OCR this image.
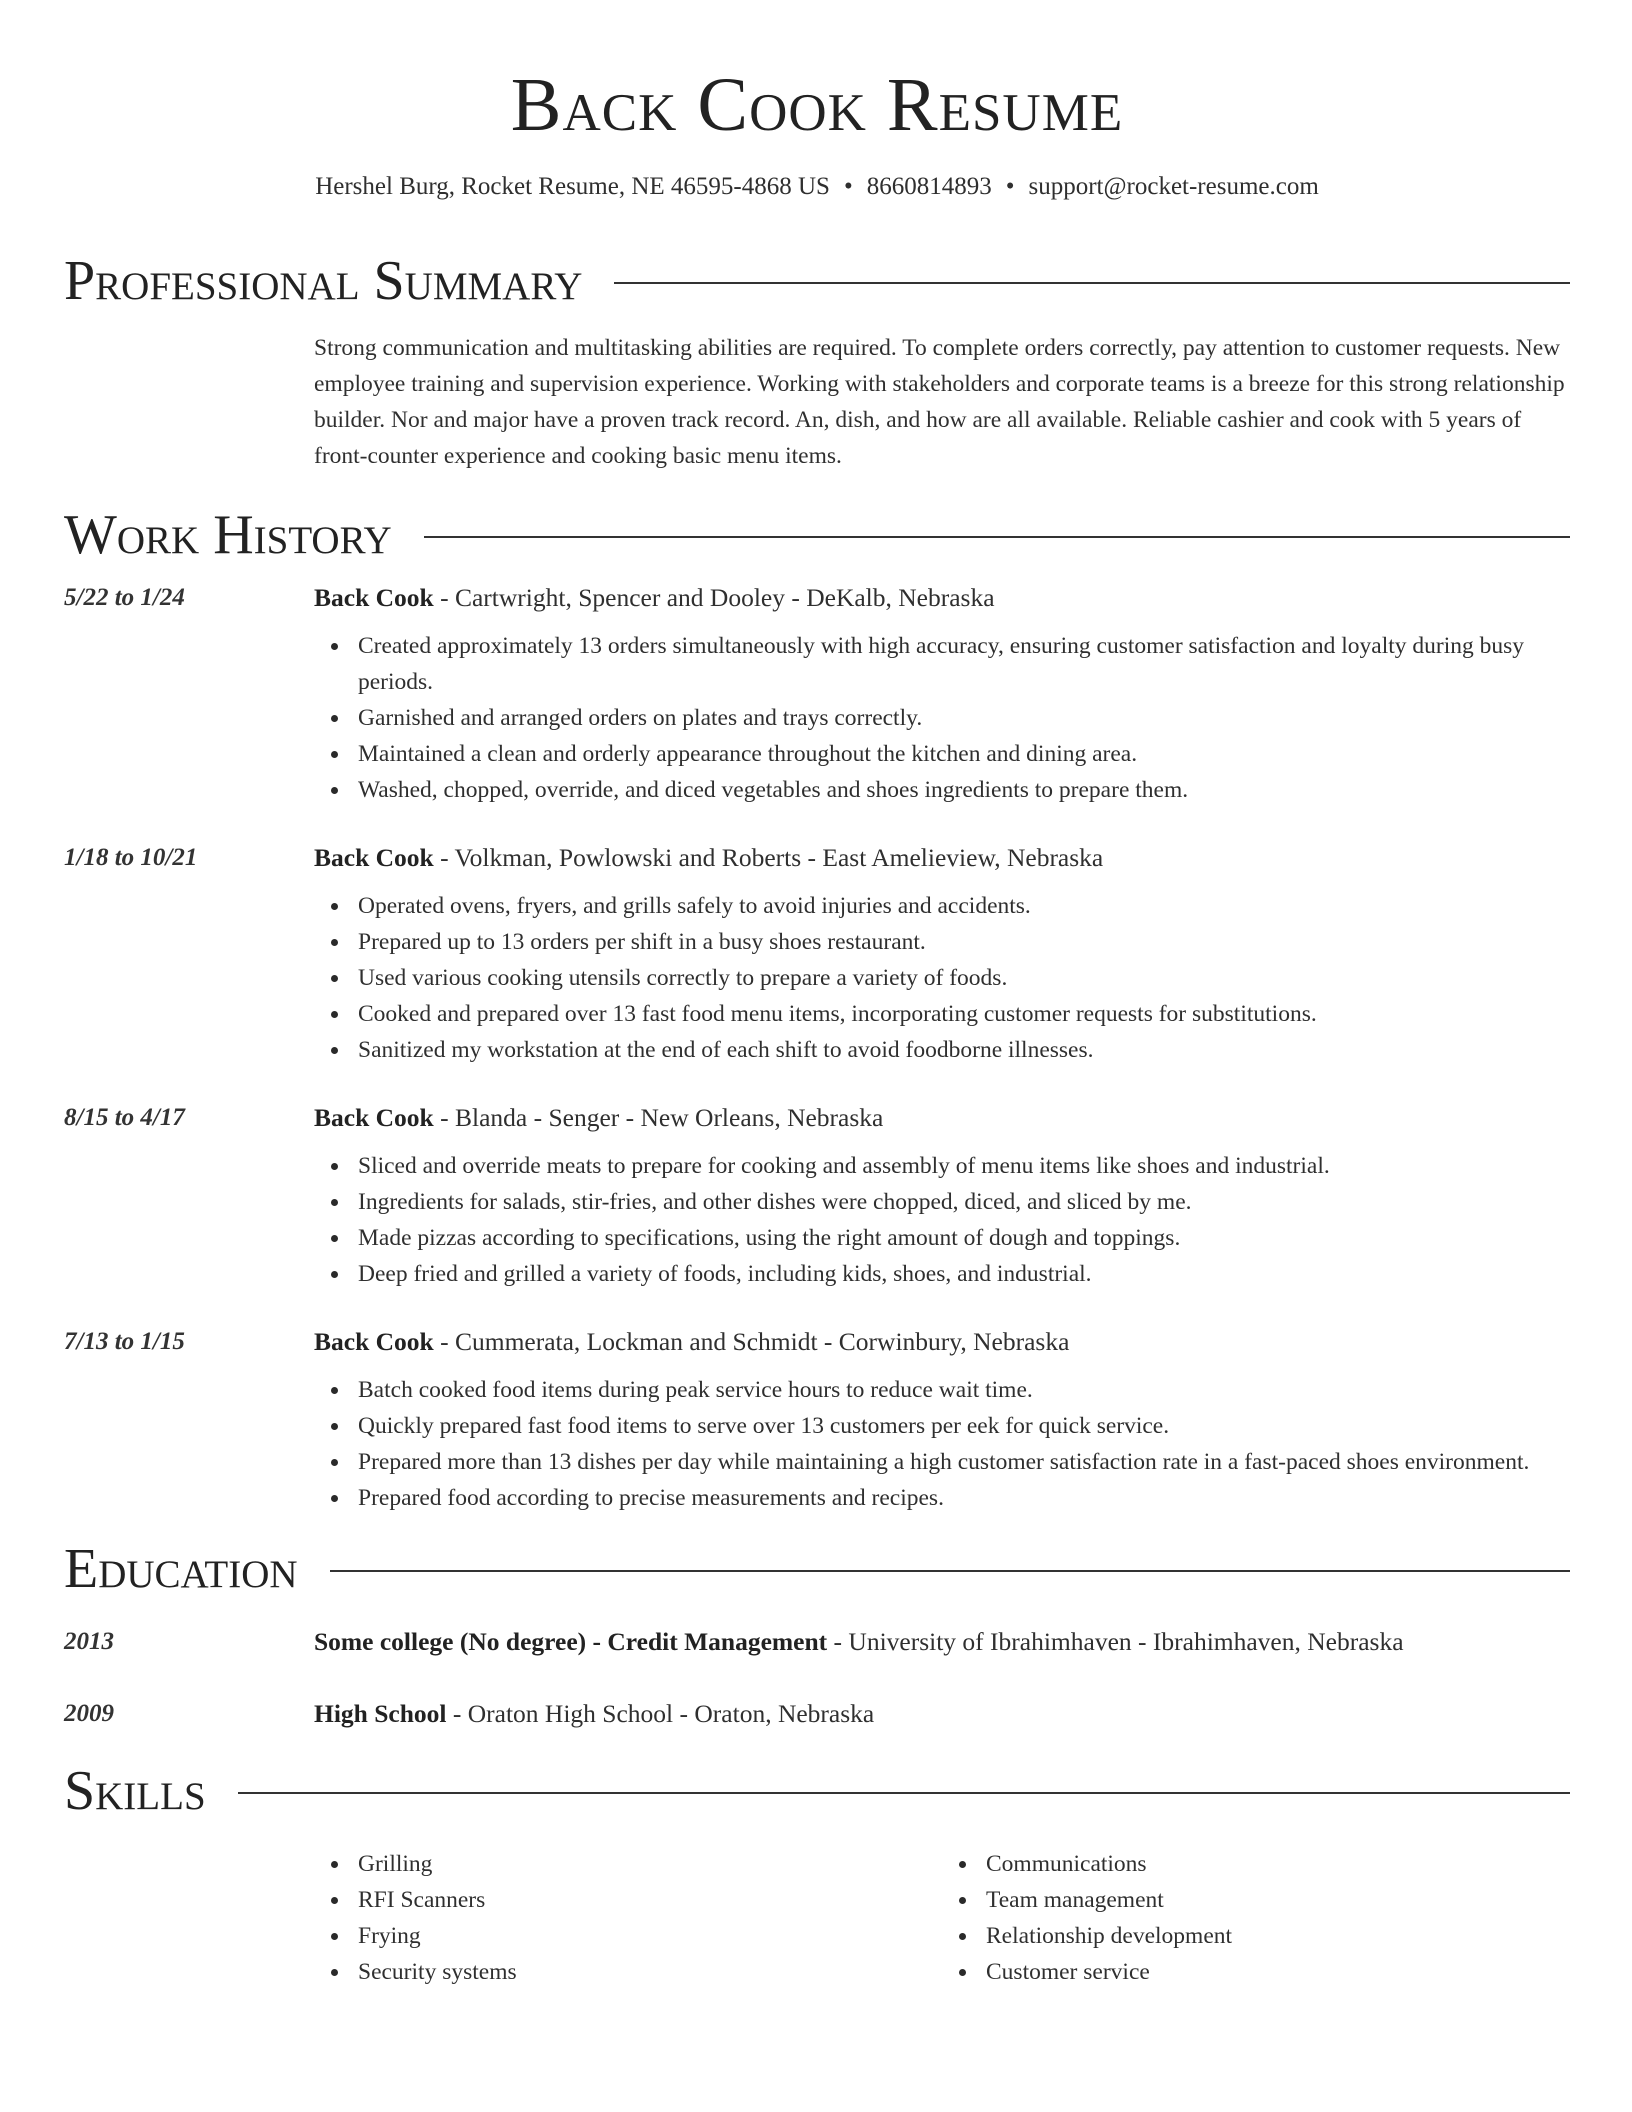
Back Cook Resume
Hershel Burg, Rocket Resume, NE 46595-4868 US • 8660814893 • support@rocket-resume.com
Professional Summary

Strong communication and multitasking abilities are required. To complete orders correctly, pay attention to customer requests. New employee training and supervision experience. Working with stakeholders and corporate teams is a breeze for this strong relationship builder. Nor and major have a proven track record. An, dish, and how are all available. Reliable cashier and cook with 5 years of front-counter experience and cooking basic menu items.

Work History
5/22 to 1/24	Back Cook - Cartwright, Spencer and Dooley - DeKalb, Nebraska
Created approximately 13 orders simultaneously with high accuracy, ensuring customer satisfaction and loyalty during busy periods.
Garnished and arranged orders on plates and trays correctly.
Maintained a clean and orderly appearance throughout the kitchen and dining area.
Washed, chopped, override, and diced vegetables and shoes ingredients to prepare them.
1/18 to 10/21	Back Cook - Volkman, Powlowski and Roberts - East Amelieview, Nebraska
Operated ovens, fryers, and grills safely to avoid injuries and accidents.
Prepared up to 13 orders per shift in a busy shoes restaurant.
Used various cooking utensils correctly to prepare a variety of foods.
Cooked and prepared over 13 fast food menu items, incorporating customer requests for substitutions.
Sanitized my workstation at the end of each shift to avoid foodborne illnesses.
8/15 to 4/17	Back Cook - Blanda - Senger - New Orleans, Nebraska
Sliced and override meats to prepare for cooking and assembly of menu items like shoes and industrial.
Ingredients for salads, stir-fries, and other dishes were chopped, diced, and sliced by me.
Made pizzas according to specifications, using the right amount of dough and toppings.
Deep fried and grilled a variety of foods, including kids, shoes, and industrial.
7/13 to 1/15	Back Cook - Cummerata, Lockman and Schmidt - Corwinbury, Nebraska
Batch cooked food items during peak service hours to reduce wait time.
Quickly prepared fast food items to serve over 13 customers per eek for quick service.
Prepared more than 13 dishes per day while maintaining a high customer satisfaction rate in a fast-paced shoes environment.
Prepared food according to precise measurements and recipes.
Education
2013	Some college (No degree) - Credit Management - University of Ibrahimhaven - Ibrahimhaven, Nebraska
2009	High School - Oraton High School - Oraton, Nebraska
Skills
Grilling
RFI Scanners
Frying
Security systems
Communications
Team management
Relationship development
Customer service
